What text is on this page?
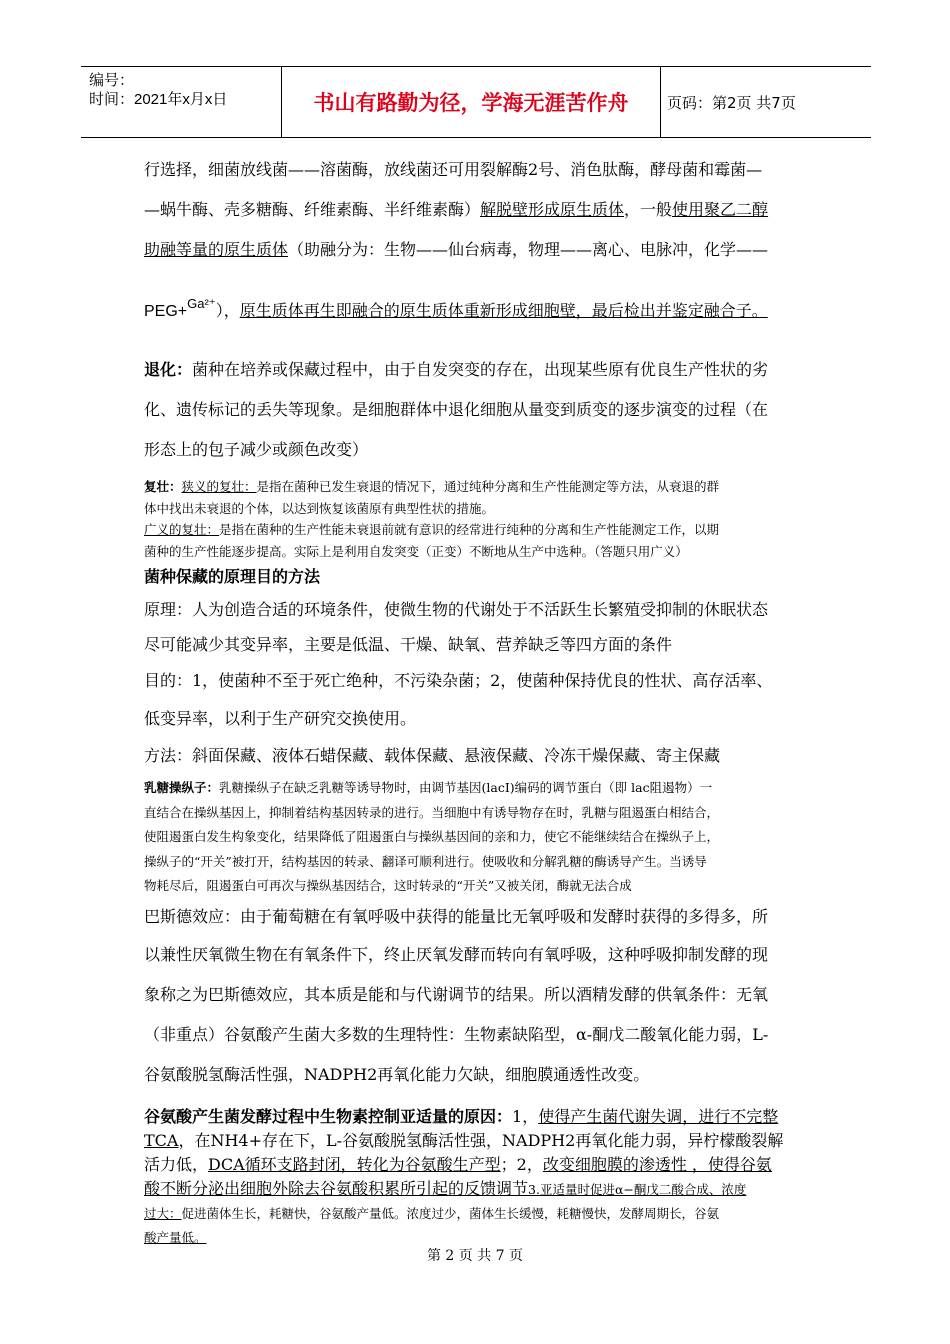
编号：
时间：2021年x月x日	书山有路勤为径，学海无涯苦作舟	页码：第2页 共7页

行选择，细菌放线菌——溶菌酶，放线菌还可用裂解酶2号、消色肽酶，酵母菌和霉菌—

—蜗牛酶、壳多糖酶、纤维素酶、半纤维素酶）解脱壁形成原生质体，一般使用聚乙二醇

助融等量的原生质体（助融分为：生物——仙台病毒，物理——离心、电脉冲，化学——

PEG+$^{Ga^{2+}}$），原生质体再生即融合的原生质体重新形成细胞壁，最后检出并鉴定融合子。

退化：菌种在培养或保藏过程中，由于自发突变的存在，出现某些原有优良生产性状的劣

化、遗传标记的丢失等现象。是细胞群体中退化细胞从量变到质变的逐步演变的过程（在

形态上的包子减少或颜色改变）

复壮：狭义的复壮：是指在菌种已发生衰退的情况下，通过纯种分离和生产性能测定等方法，从衰退的群

体中找出未衰退的个体，以达到恢复该菌原有典型性状的措施。

广义的复壮：是指在菌种的生产性能未衰退前就有意识的经常进行纯种的分离和生产性能测定工作，以期

菌种的生产性能逐步提高。实际上是利用自发突变（正变）不断地从生产中选种。（答题只用广义）

菌种保藏的原理目的方法

原理：人为创造合适的环境条件，使微生物的代谢处于不活跃生长繁殖受抑制的休眠状态

尽可能减少其变异率，主要是低温、干燥、缺氧、营养缺乏等四方面的条件

目的：1，使菌种不至于死亡绝种，不污染杂菌；2，使菌种保持优良的性状、高存活率、

低变异率，以利于生产研究交换使用。

方法：斜面保藏、液体石蜡保藏、载体保藏、悬液保藏、冷冻干燥保藏、寄主保藏

乳糖操纵子：乳糖操纵子在缺乏乳糖等诱导物时，由调节基因(lacI)编码的调节蛋白（即 lac阻遏物）一

直结合在操纵基因上，抑制着结构基因转录的进行。当细胞中有诱导物存在时，乳糖与阻遏蛋白相结合，

使阻遏蛋白发生构象变化，结果降低了阻遏蛋白与操纵基因间的亲和力，使它不能继续结合在操纵子上，

操纵子的“开关”被打开，结构基因的转录、翻译可顺利进行。使吸收和分解乳糖的酶诱导产生。当诱导

物耗尽后，阻遏蛋白可再次与操纵基因结合，这时转录的“开关”又被关闭，酶就无法合成

巴斯德效应：由于葡萄糖在有氧呼吸中获得的能量比无氧呼吸和发酵时获得的多得多，所

以兼性厌氧微生物在有氧条件下，终止厌氧发酵而转向有氧呼吸，这种呼吸抑制发酵的现

象称之为巴斯德效应，其本质是能和与代谢调节的结果。所以酒精发酵的供氧条件：无氧

（非重点）谷氨酸产生菌大多数的生理特性：生物素缺陷型，α-酮戊二酸氧化能力弱，L-

谷氨酸脱氢酶活性强，NADPH2再氧化能力欠缺，细胞膜通透性改变。

谷氨酸产生菌发酵过程中生物素控制亚适量的原因：1，使得产生菌代谢失调，进行不完整

TCA，在NH4+存在下，L-谷氨酸脱氢酶活性强，NADPH2再氧化能力弱，异柠檬酸裂解

活力低，DCA循环支路封闭，转化为谷氨酸生产型；2，改变细胞膜的渗透性 ，使得谷氨

酸不断分泌出细胞外除去谷氨酸积累所引起的反馈调节3.亚适量时促进α−酮戊二酸合成、浓度

过大：促进菌体生长，耗糖快，谷氨酸产量低。浓度过少，菌体生长缓慢，耗糖慢快，发酵周期长，谷氨

酸产量低。

第 2 页 共 7 页
